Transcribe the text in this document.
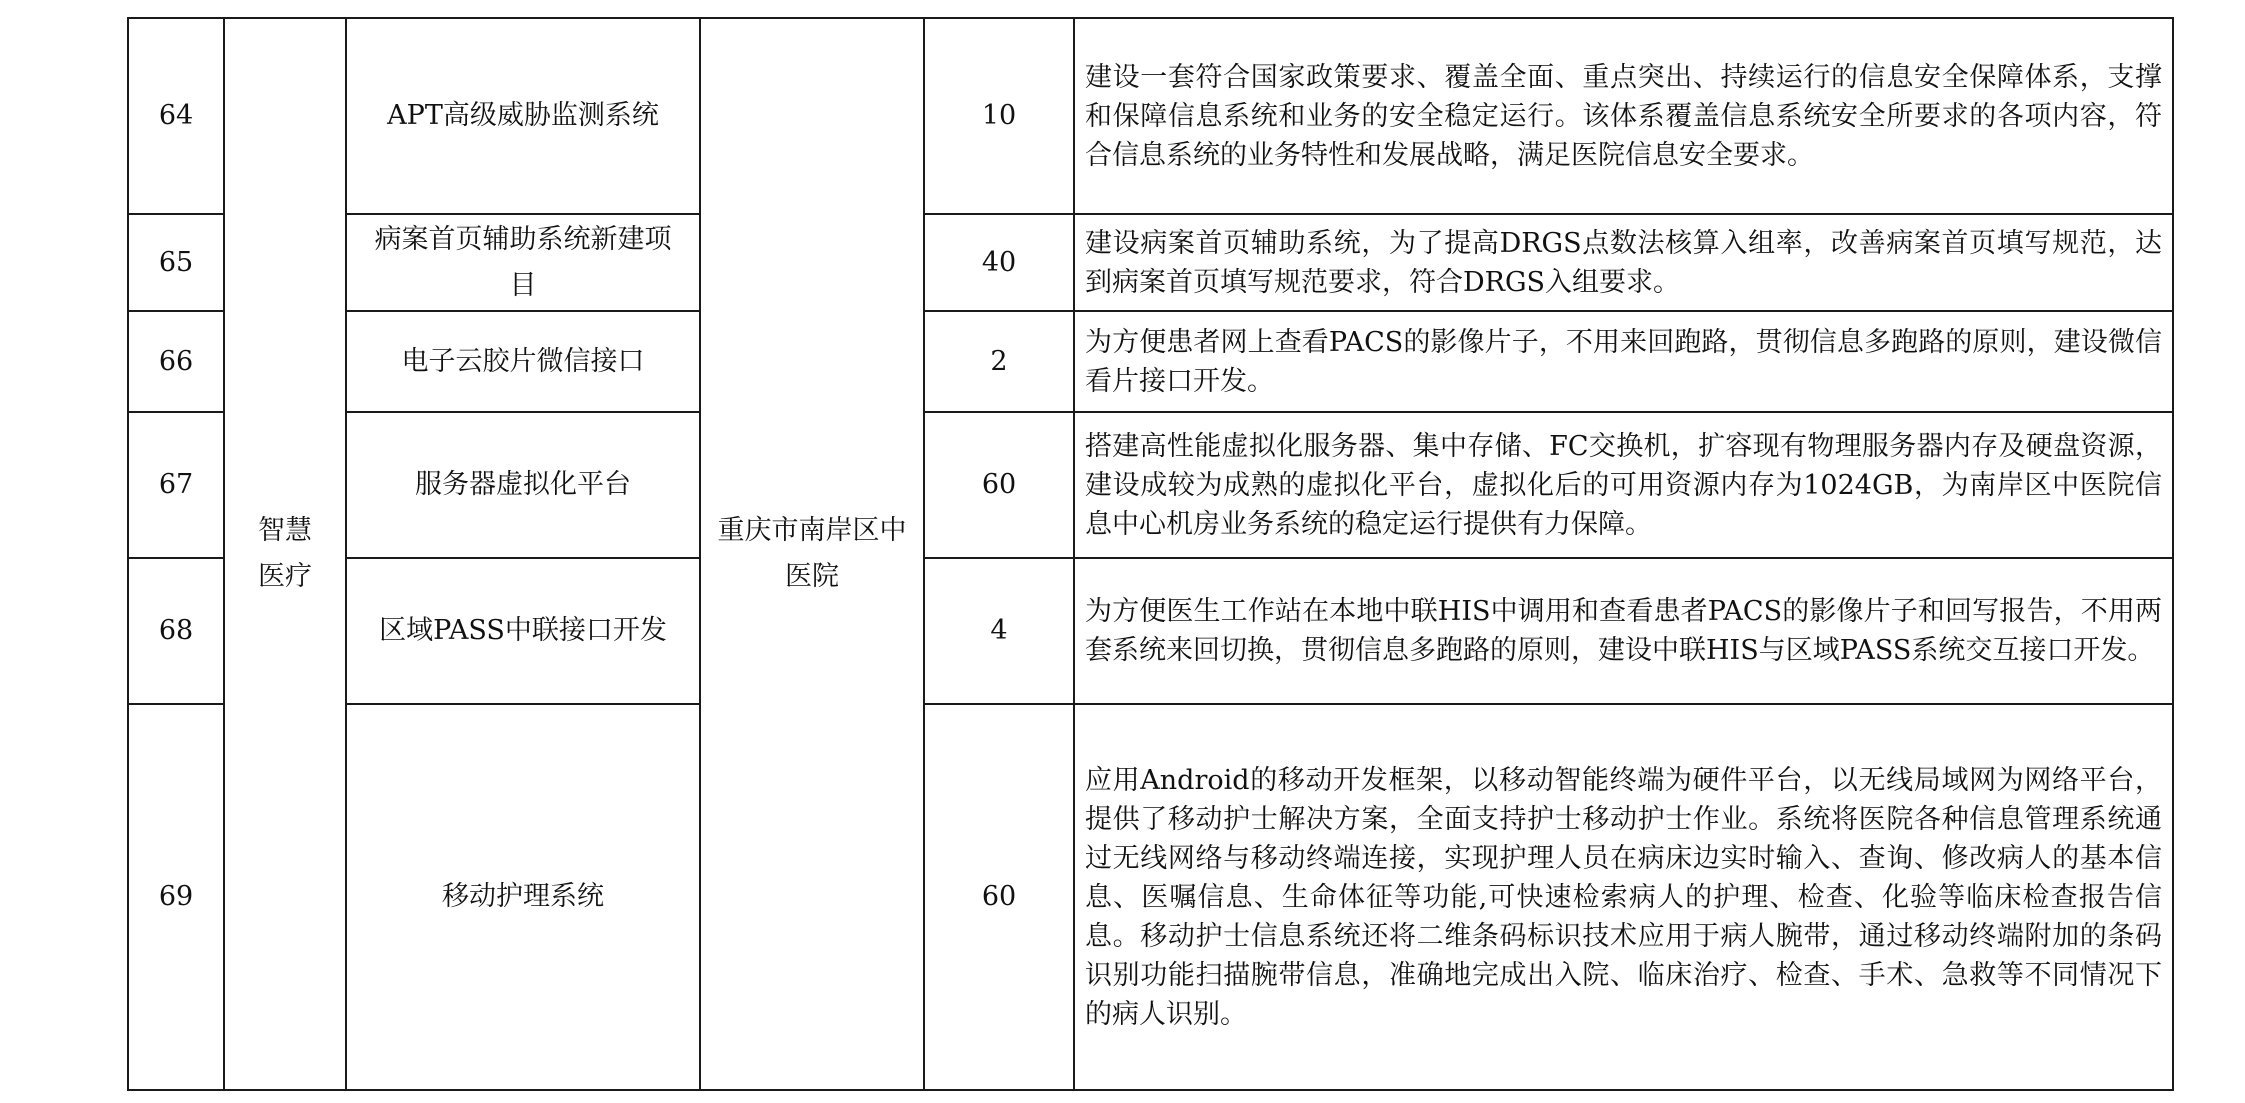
64	智慧医疗	APT高级威胁监测系统	重庆市南岸区中医院	10	建设一套符合国家政策要求、覆盖全面、重点突出、持续运行的信息安全保障体系，支撑和保障信息系统和业务的安全稳定运行。该体系覆盖信息系统安全所要求的各项内容，符合信息系统的业务特性和发展战略，满足医院信息安全要求。
65		病案首页辅助系统新建项目		40	建设病案首页辅助系统，为了提高DRGS点数法核算入组率，改善病案首页填写规范，达到病案首页填写规范要求，符合DRGS入组要求。
66		电子云胶片微信接口		2	为方便患者网上查看PACS的影像片子，不用来回跑路，贯彻信息多跑路的原则，建设微信看片接口开发。
67		服务器虚拟化平台		60	搭建高性能虚拟化服务器、集中存储、FC交换机，扩容现有物理服务器内存及硬盘资源，建设成较为成熟的虚拟化平台，虚拟化后的可用资源内存为1024GB，为南岸区中医院信息中心机房业务系统的稳定运行提供有力保障。
68		区域PASS中联接口开发		4	为方便医生工作站在本地中联HIS中调用和查看患者PACS的影像片子和回写报告，不用两套系统来回切换，贯彻信息多跑路的原则，建设中联HIS与区域PASS系统交互接口开发。
69		移动护理系统		60	应用Android的移动开发框架，以移动智能终端为硬件平台，以无线局域网为网络平台，提供了移动护士解决方案，全面支持护士移动护士作业。系统将医院各种信息管理系统通过无线网络与移动终端连接，实现护理人员在病床边实时输入、查询、修改病人的基本信息、医嘱信息、生命体征等功能,可快速检索病人的护理、检查、化验等临床检查报告信息。移动护士信息系统还将二维条码标识技术应用于病人腕带，通过移动终端附加的条码识别功能扫描腕带信息，准确地完成出入院、临床治疗、检查、手术、急救等不同情况下的病人识别。
